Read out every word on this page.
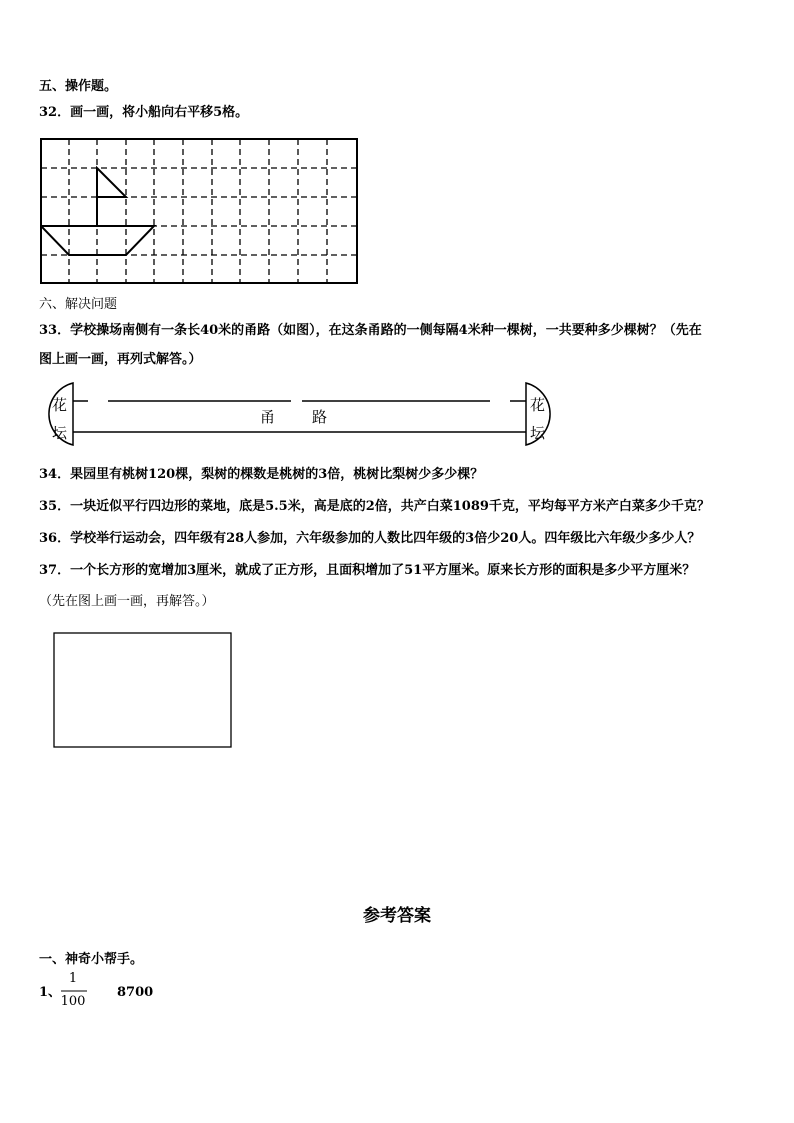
五、操作题。
32．画一画，将小船向右平移5格。
六、解决问题
33．学校操场南侧有一条长40米的甬路（如图），在这条甬路的一侧每隔4米种一棵树，一共要种多少棵树？（先在
图上画一画，再列式解答。）
花
坛
花
坛
甬 路
34．果园里有桃树120棵，梨树的棵数是桃树的3倍，桃树比梨树少多少棵？
35．一块近似平行四边形的菜地，底是5.5米，高是底的2倍，共产白菜1089千克，平均每平方米产白菜多少千克？
36．学校举行运动会，四年级有28人参加，六年级参加的人数比四年级的3倍少20人。四年级比六年级少多少人？
37．一个长方形的宽增加3厘米，就成了正方形，且面积增加了51平方厘米。原来长方形的面积是多少平方厘米？
（先在图上画一画，再解答。）
参考答案
一、神奇小帮手。
1、
1
100
8700
